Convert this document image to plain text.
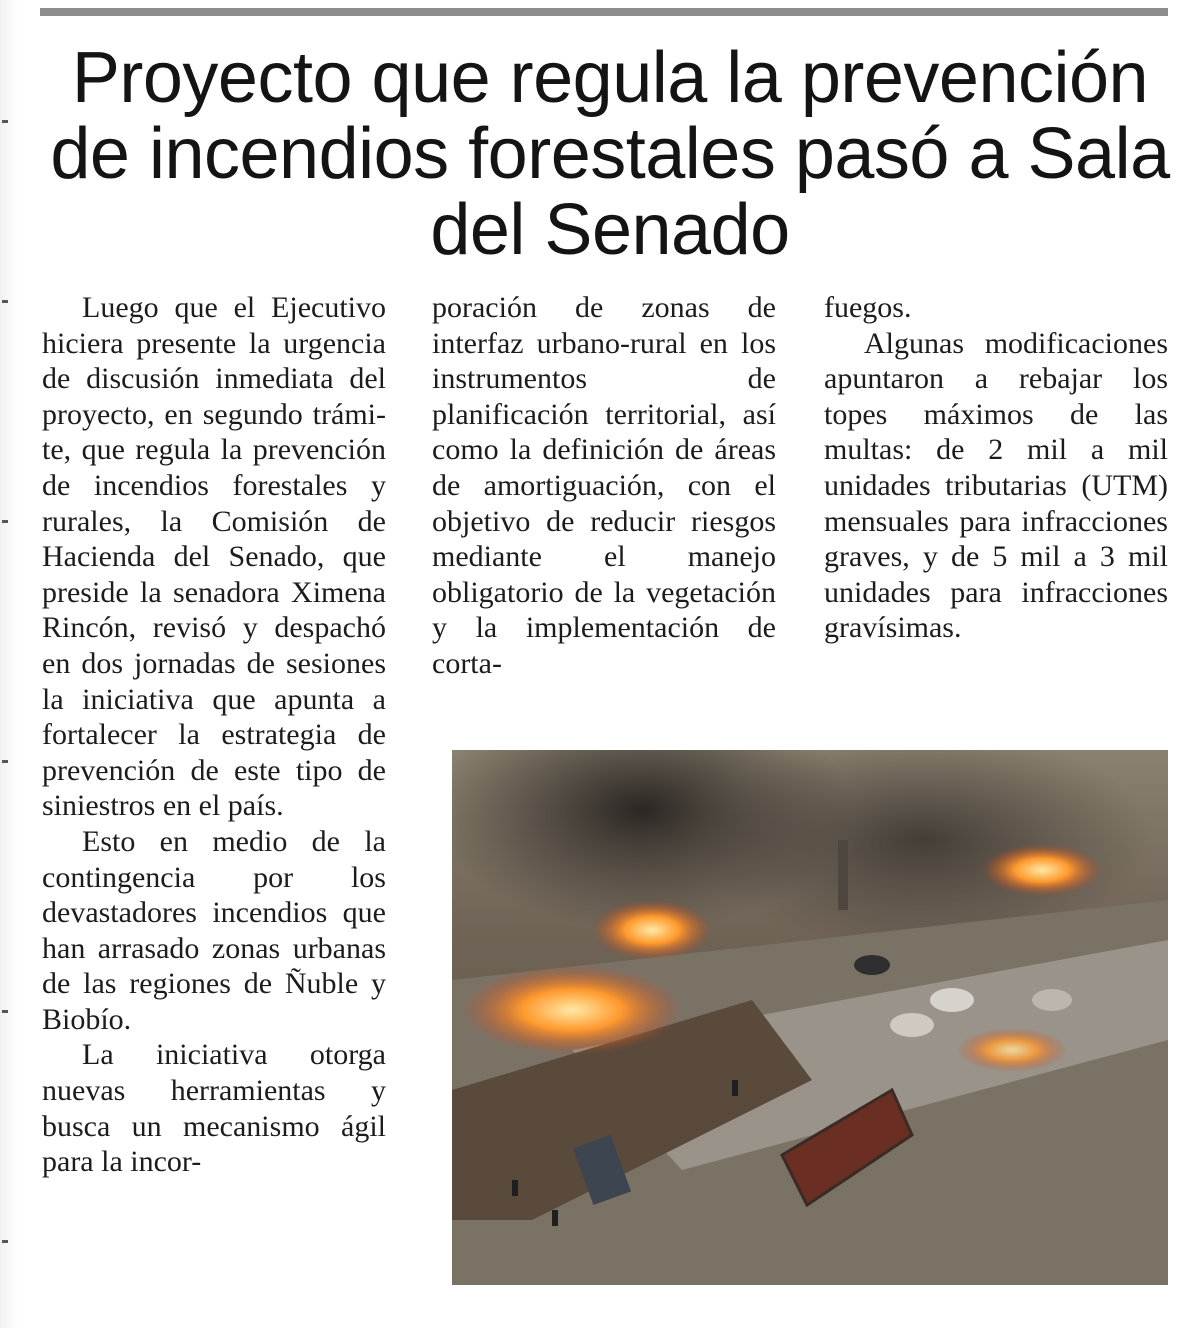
Proyecto que regula la prevención de incendios forestales pasó a Sala del Senado

Luego que el Ejecutivo hiciera presente la urgencia de discusión inmediata del proyecto, en segundo trámite, que regula la prevención de incendios forestales y rurales, la Comisión de Hacienda del Senado, que preside la senadora Ximena Rincón, revisó y despachó en dos jornadas de sesiones la iniciativa que apunta a fortalecer la estrategia de prevención de este tipo de siniestros en el país.

Esto en medio de la contingencia por los devastadores incendios que han arrasado zonas urbanas de las regiones de Ñuble y Biobío.

La iniciativa otorga nuevas herramientas y busca un mecanismo ágil para la incor-

poración de zonas de interfaz urbano-rural en los instrumentos de planificación territorial, así como la definición de áreas de amortiguación, con el objetivo de reducir riesgos mediante el manejo obligatorio de la vegetación y la implementación de corta-

fuegos.

Algunas modificaciones apuntaron a rebajar los topes máximos de las multas: de 2 mil a mil unidades tributarias (UTM) mensuales para infracciones graves, y de 5 mil a 3 mil unidades para infracciones gravísimas.
